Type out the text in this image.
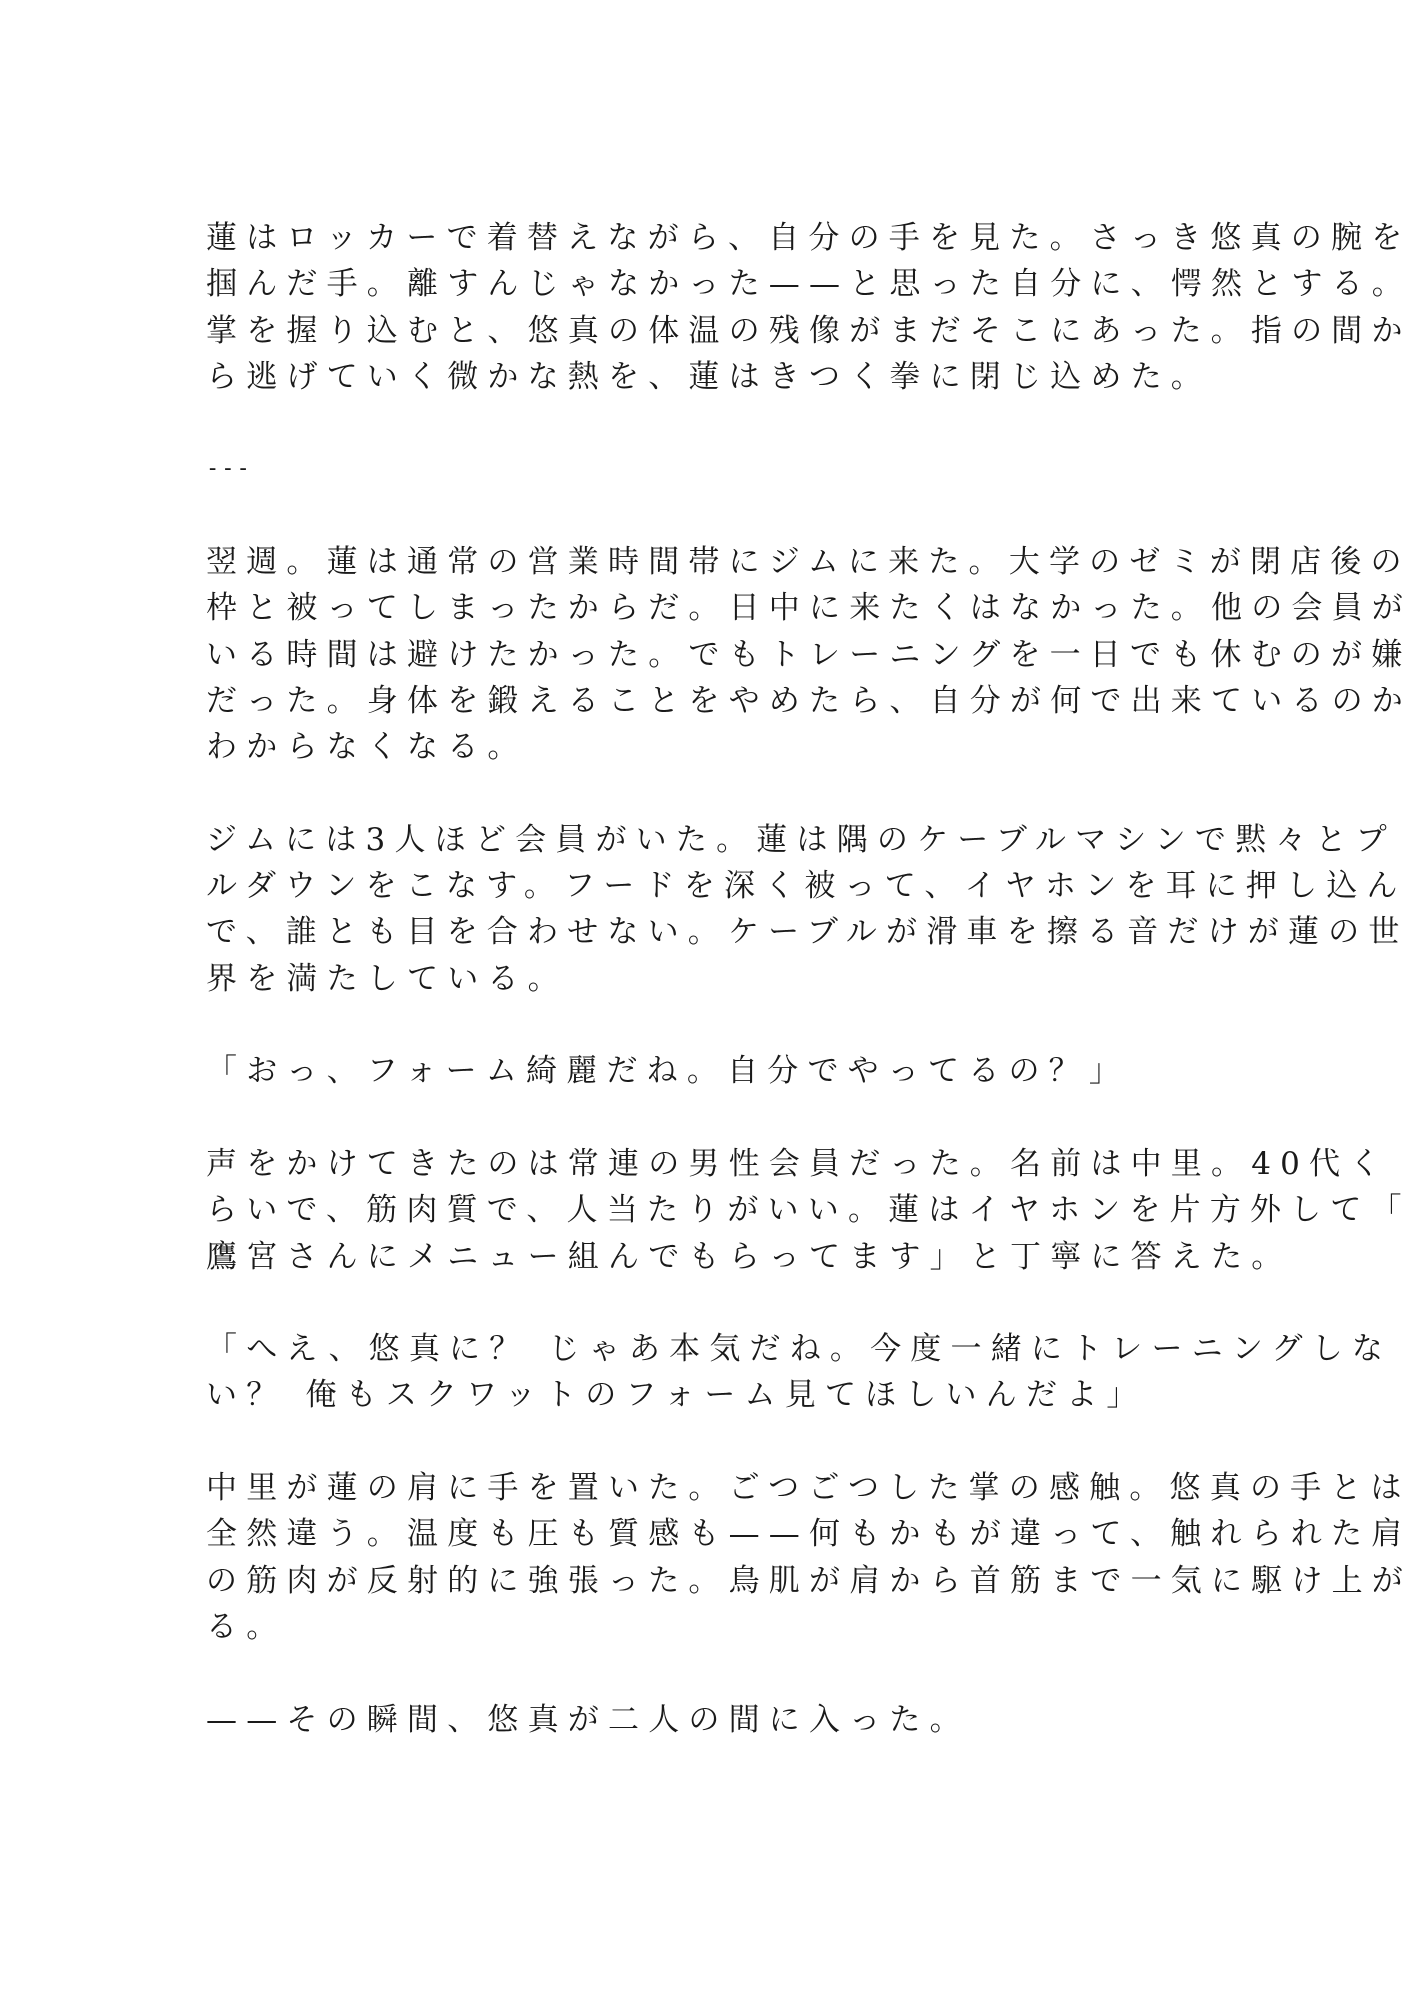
蓮はロッカーで着替えながら、自分の手を見た。さっき悠真の腕を
掴んだ手。離すんじゃなかった——と思った自分に、愕然とする。
掌を握り込むと、悠真の体温の残像がまだそこにあった。指の間か
ら逃げていく微かな熱を、蓮はきつく拳に閉じ込めた。
---
翌週。蓮は通常の営業時間帯にジムに来た。大学のゼミが閉店後の
枠と被ってしまったからだ。日中に来たくはなかった。他の会員が
いる時間は避けたかった。でもトレーニングを一日でも休むのが嫌
だった。身体を鍛えることをやめたら、自分が何で出来ているのか
わからなくなる。
ジムには3人ほど会員がいた。蓮は隅のケーブルマシンで黙々とプ
ルダウンをこなす。フードを深く被って、イヤホンを耳に押し込ん
で、誰とも目を合わせない。ケーブルが滑車を擦る音だけが蓮の世
界を満たしている。
「おっ、フォーム綺麗だね。自分でやってるの？」
声をかけてきたのは常連の男性会員だった。名前は中里。40代く
らいで、筋肉質で、人当たりがいい。蓮はイヤホンを片方外して「
鷹宮さんにメニュー組んでもらってます」と丁寧に答えた。
「へえ、悠真に？ じゃあ本気だね。今度一緒にトレーニングしな
い？ 俺もスクワットのフォーム見てほしいんだよ」
中里が蓮の肩に手を置いた。ごつごつした掌の感触。悠真の手とは
全然違う。温度も圧も質感も——何もかもが違って、触れられた肩
の筋肉が反射的に強張った。鳥肌が肩から首筋まで一気に駆け上が
る。
——その瞬間、悠真が二人の間に入った。
